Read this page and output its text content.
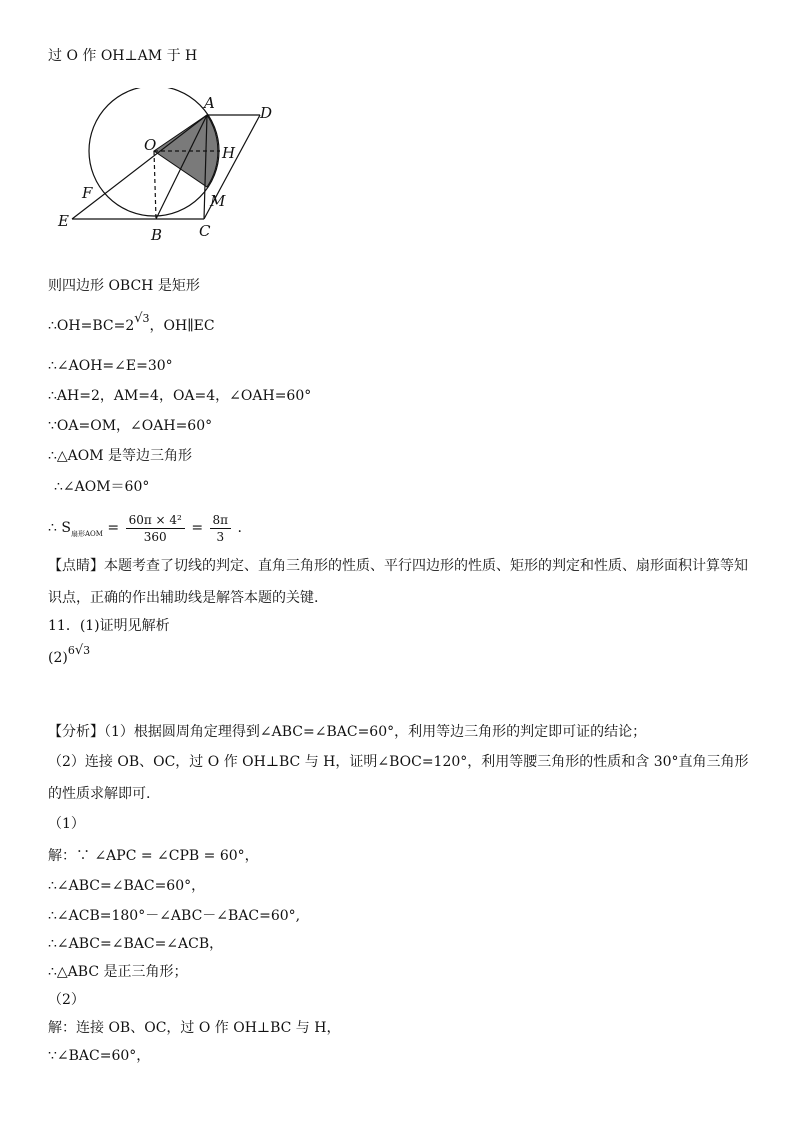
过 O 作 OH⊥AM 于 H
A
D
O	H
F	M
E
B C
则四边形 OBCH 是矩形
$\therefore OH=BC=2^{√3}$，OH∥EC
∴∠AOH=∠E=30°
∴AH=2，AM=4，OA=4，∠OAH=60°
∵OA=OM，∠OAH=60°
∴△AOM 是等边三角形
∴∠AOM＝60°
∴ $S_{扇形AOM} = \frac{\text{60π × 4²}}{360} = \frac{8\pi}{3}$ .
【点睛】本题考查了切线的判定、直角三角形的性质、平行四边形的性质、矩形的判定和性质、扇形面积计算等知识点，正确的作出辅助线是解答本题的关键.
11．(1)证明见解析
$(2)^{6√3}$
【分析】（1）根据圆周角定理得到∠ABC=∠BAC=60°，利用等边三角形的判定即可证的结论；
（2）连接 OB、OC，过 O 作 OH⊥BC 与 H，证明∠BOC=120°，利用等腰三角形的性质和含 30°直角三角形的性质求解即可.
（1）
解：∵ ∠APC = ∠CPB = 60°，
∴∠ABC=∠BAC=60°，
∴∠ACB=180°－∠ABC－∠BAC=60°,
∴∠ABC=∠BAC=∠ACB，
∴△ABC 是正三角形；
（2）
解：连接 OB、OC，过 O 作 OH⊥BC 与 H，
∵∠BAC=60°，
